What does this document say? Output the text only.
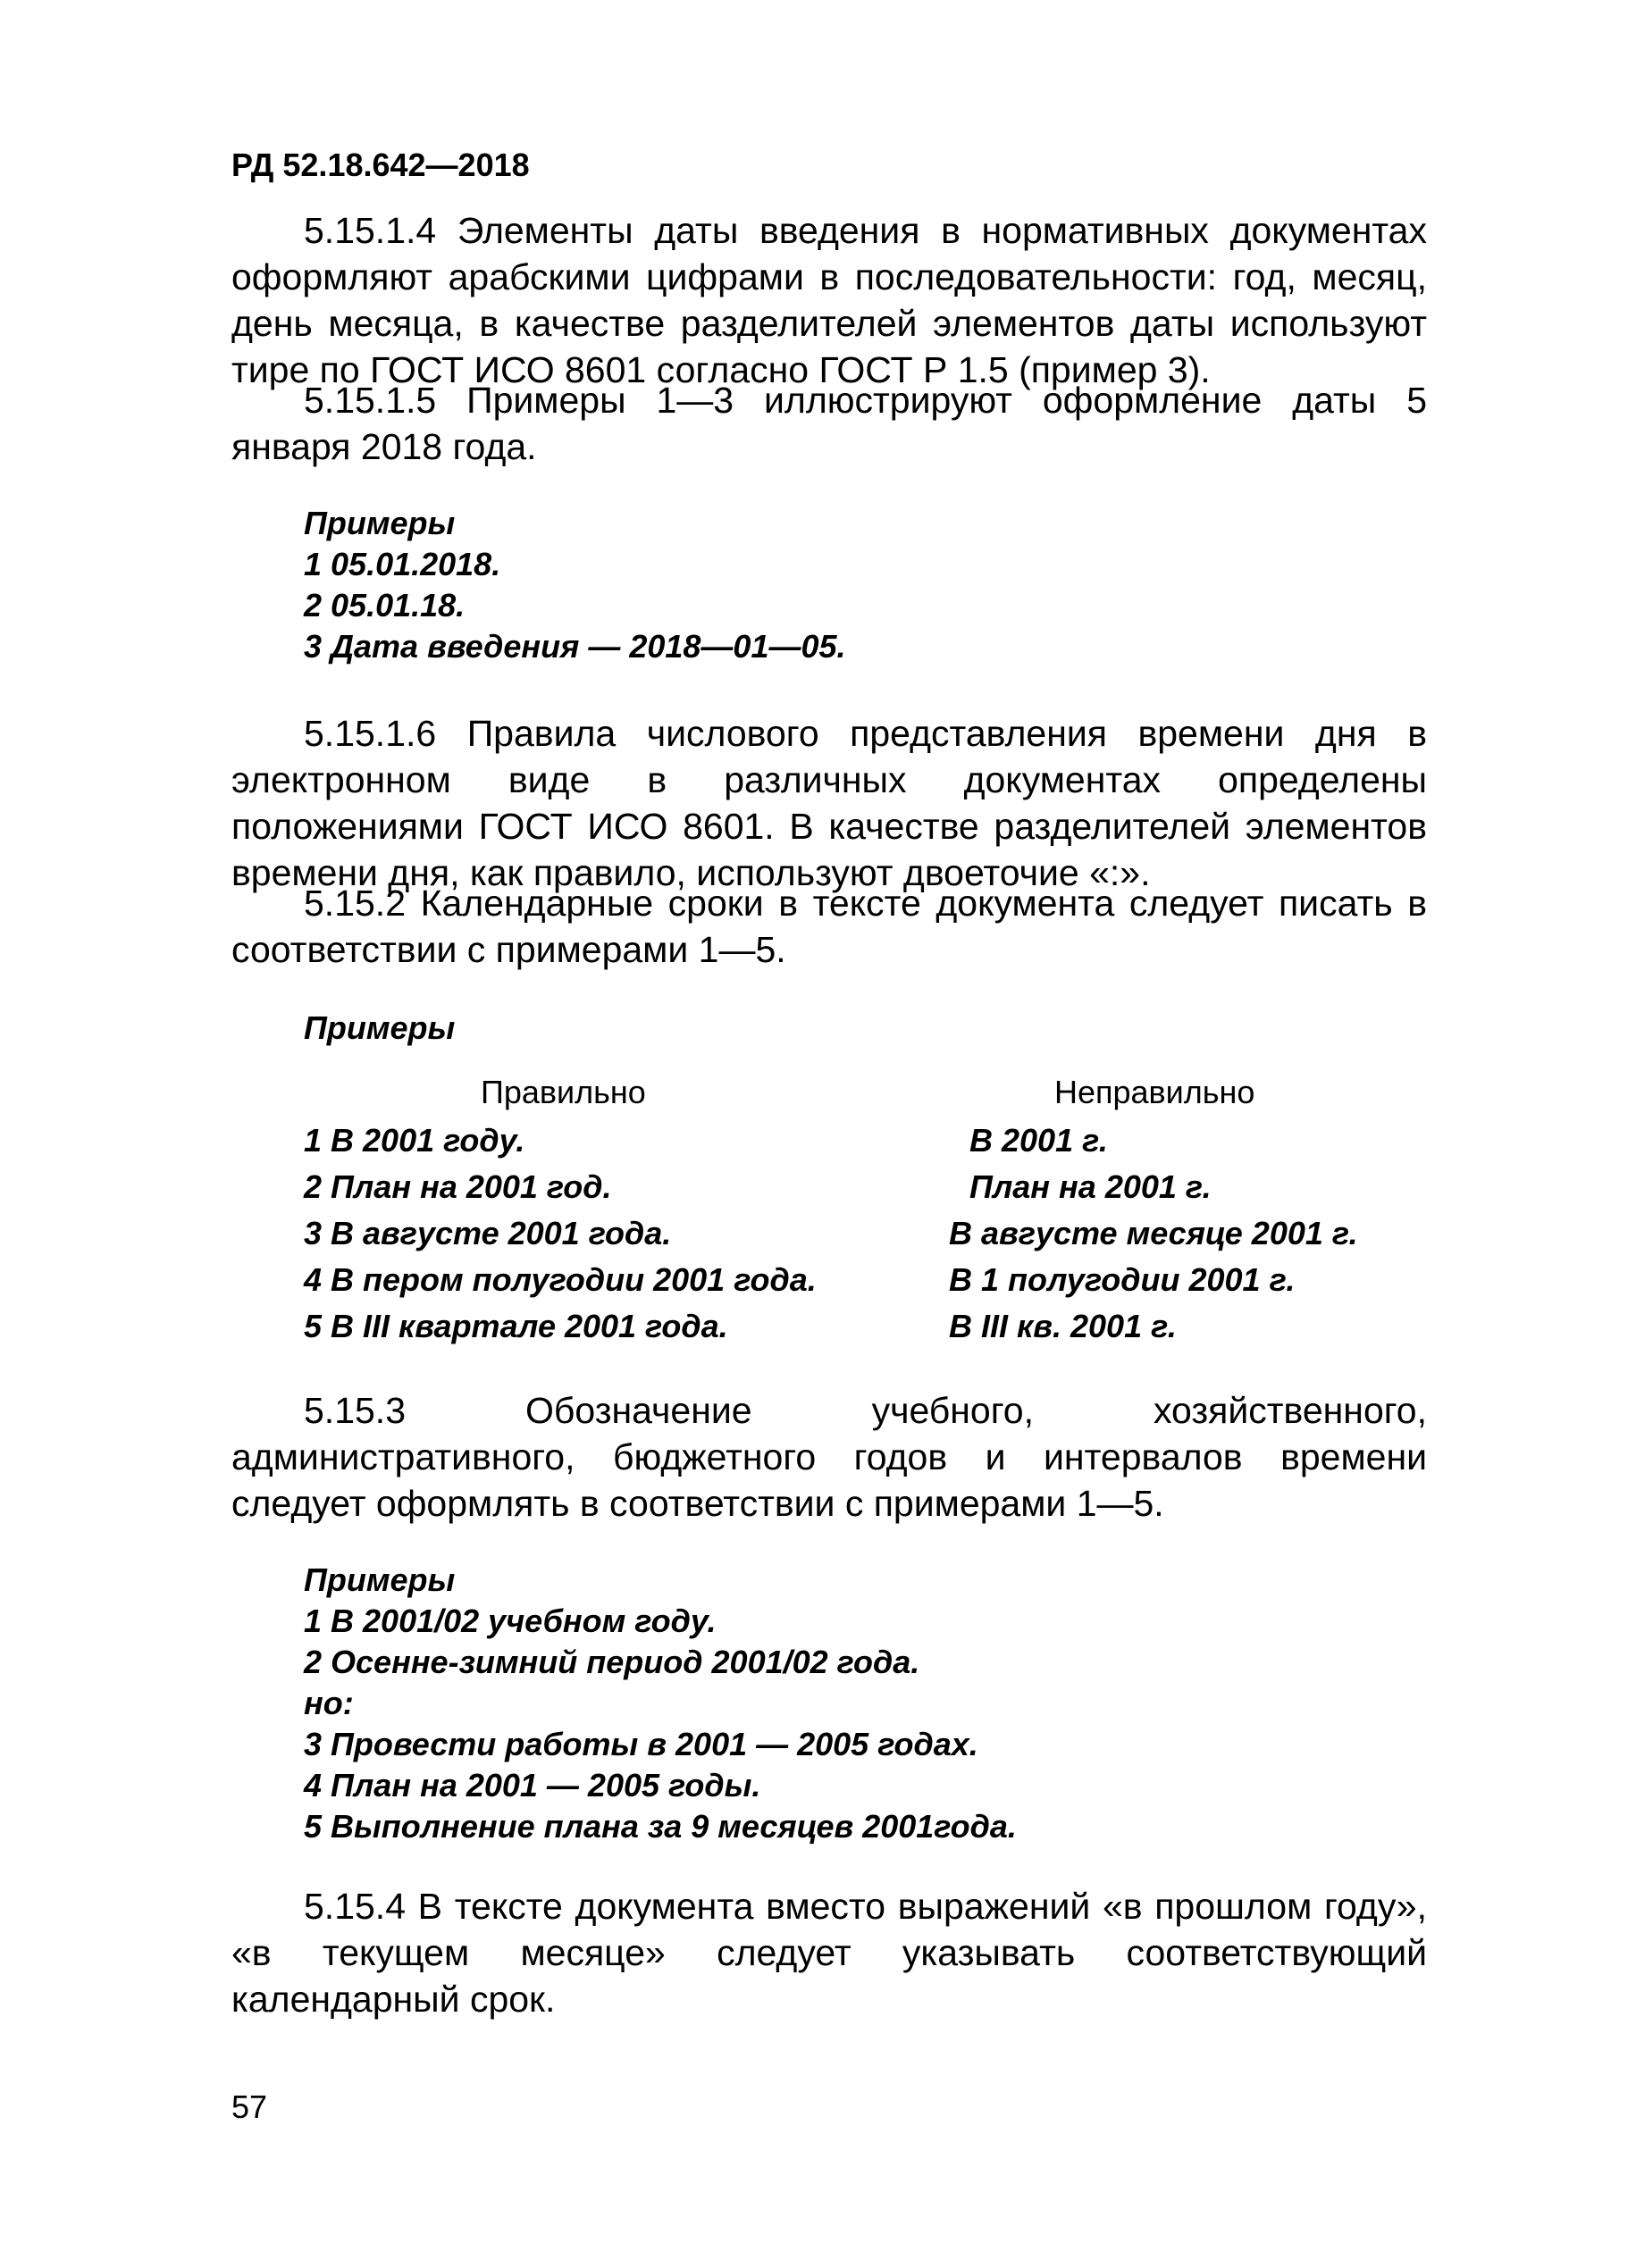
РД 52.18.642—2018

5.15.1.4 Элементы даты введения в нормативных документах оформляют арабскими цифрами в последовательности: год, месяц, день месяца, в качестве разделителей элементов даты используют тире по ГОСТ ИСО 8601 согласно ГОСТ Р 1.5 (пример 3).

5.15.1.5 Примеры 1—3 иллюстрируют оформление даты 5 января 2018 года.

Примеры
1 05.01.2018.
2 05.01.18.
3 Дата введения — 2018—01—05.

5.15.1.6 Правила числового представления времени дня в электронном виде в различных документах определены положениями ГОСТ ИСО 8601. В качестве разделителей элементов времени дня, как правило, используют двоеточие «:».

5.15.2 Календарные сроки в тексте документа следует писать в соответствии с примерами 1—5.

Примеры
Правильно	Неправильно
1 В 2001 году.	В 2001 г.
2 План на 2001 год.	План на 2001 г.
3 В августе 2001 года.	В августе месяце 2001 г.
4 В пером полугодии 2001 года.	В 1 полугодии 2001 г.
5 В III квартале 2001 года.	В III кв. 2001 г.

5.15.3 Обозначение учебного, хозяйственного, административного, бюджетного годов и интервалов времени следует оформлять в соответствии с примерами 1—5.

Примеры
1 В 2001/02 учебном году.
2 Осенне-зимний период 2001/02 года.
но:
3 Провести работы в 2001 — 2005 годах.
4 План на 2001 — 2005 годы.
5 Выполнение плана за 9 месяцев 2001года.

5.15.4 В тексте документа вместо выражений «в прошлом году», «в текущем месяце» следует указывать соответствующий календарный срок.

57
